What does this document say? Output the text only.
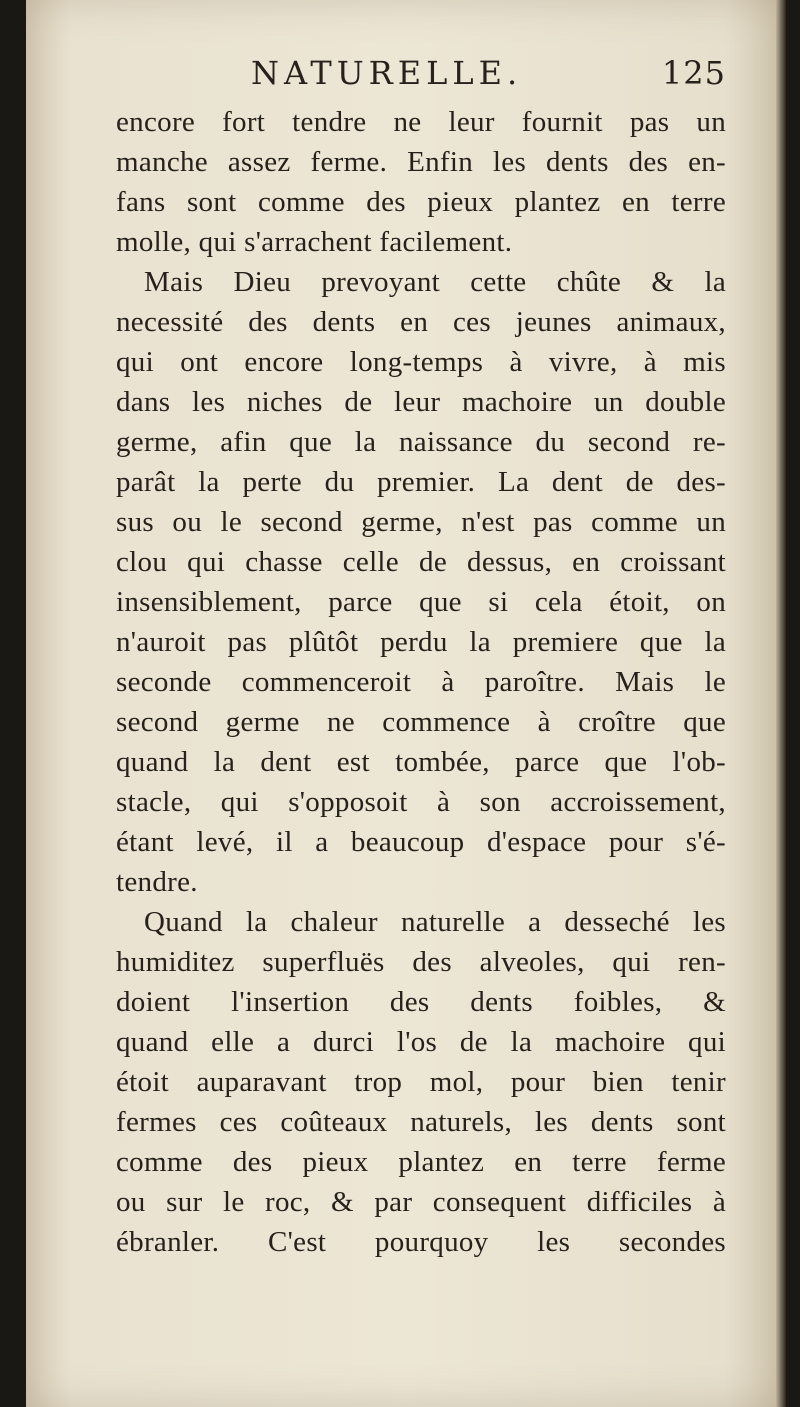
NATURELLE.	125
encore fort tendre ne leur fournit pas un
manche assez ferme. Enfin les dents des en-
fans sont comme des pieux plantez en terre
molle, qui s'arrachent facilement.
Mais Dieu prevoyant cette chûte & la
necessité des dents en ces jeunes animaux,
qui ont encore long-temps à vivre, à mis
dans les niches de leur machoire un double
germe, afin que la naissance du second re-
parât la perte du premier. La dent de des-
sus ou le second germe, n'est pas comme un
clou qui chasse celle de dessus, en croissant
insensiblement, parce que si cela étoit, on
n'auroit pas plûtôt perdu la premiere que la
seconde commenceroit à paroître. Mais le
second germe ne commence à croître que
quand la dent est tombée, parce que l'ob-
stacle, qui s'opposoit à son accroissement,
étant levé, il a beaucoup d'espace pour s'é-
tendre.
Quand la chaleur naturelle a desseché les
humiditez superfluës des alveoles, qui ren-
doient l'insertion des dents foibles, &
quand elle a durci l'os de la machoire qui
étoit auparavant trop mol, pour bien tenir
fermes ces coûteaux naturels, les dents sont
comme des pieux plantez en terre ferme
ou sur le roc, & par consequent difficiles à
ébranler. C'est pourquoy les secondes
